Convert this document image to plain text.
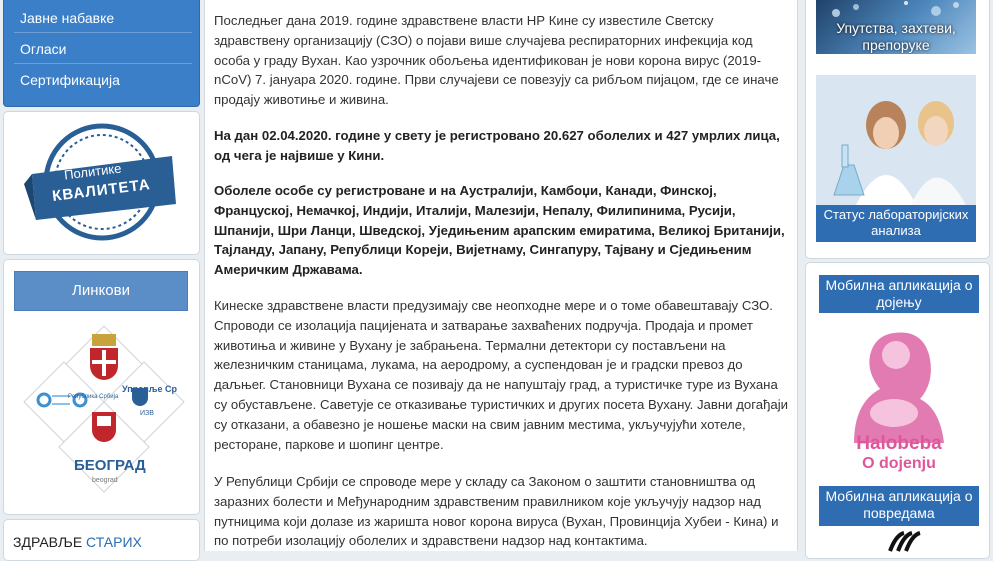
Јавне набавке
Огласи
Сертификација
Политике
КВАЛИТЕТА
Линкови
Република Србија
Управље Ср
ИЗВ
БЕОГРАД
beograd
ЗДРАВЉЕ СТАРИХ

Последњег дана 2019. године здравствене власти НР Кине су известиле Светску здравствену организацију (СЗО) о појави више случајева респираторних инфекција код особа у граду Вухан. Као узрочник обољења идентификован је нови корона вирус (2019-nCoV) 7. јануара 2020. године. Први случајеви се повезују са рибљом пијацом, где се иначе продају животиње и живина.

На дан 02.04.2020. године у свету је регистровано 20.627 оболелих и 427 умрлих лица, од чега је највише у Кини.

Оболеле особе су регистроване и на Аустралији, Камбоџи, Канади, Финској, Француској, Немачкој, Индији, Италији, Малезији, Непалу, Филипинима, Русији, Шпанији, Шри Ланци, Шведској, Уједињеним арапским емиратима, Великој Британији, Тајланду, Јапану, Републици Кореји, Вијетнаму, Сингапуру, Тајвану и Сједињеним Америчким Државама.

Кинеске здравствене власти предузимају све неопходне мере и о томе обавештавају СЗО. Спроводи се изолација пацијената и затварање захваћених подручја. Продаја и промет животиња и живине у Вухану је забрањена. Термални детектори су постављени на железничким станицама, лукама, на аеродрому, а суспендован је и градски превоз до даљњег. Становници Вухана се позивају да не напуштају град, а туристичке туре из Вухана су обустављене. Саветује се отказивање туристичких и других посета Вухану. Јавни догађаји су отказани, а обавезно је ношење маски на свим јавним местима, укључујући хотеле, ресторане, паркове и шопинг центре.

У Републици Србији се спроводе мере у складу са Законом о заштити становништва од заразних болести и Међународним здравственим правилником које укључују надзор над путницима који долазе из жаришта новог корона вируса (Вухан, Провинција Хубеи - Кина) и по потреби изолацију оболелих и здравствени надзор над контактима.

Упутства, захтеви, препоруке
Статус лабораторијских анализа
Мобилна апликација о дојењу
Halobeba
O dojenju
Мобилна апликација о повредама
